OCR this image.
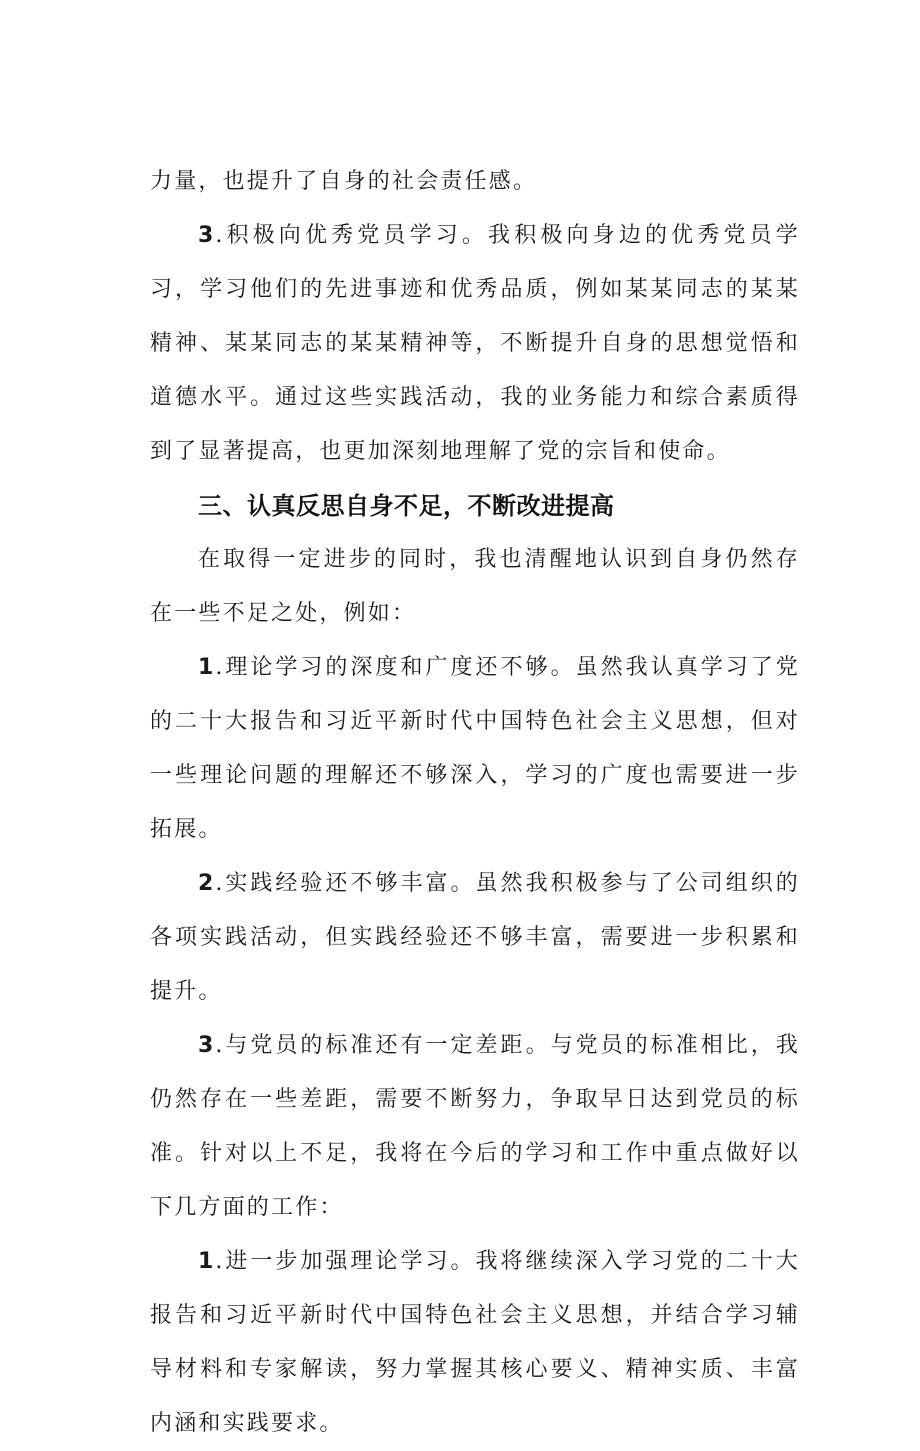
力量，也提升了自身的社会责任感。

3.积极向优秀党员学习。我积极向身边的优秀党员学习，学习他们的先进事迹和优秀品质，例如某某同志的某某精神、某某同志的某某精神等，不断提升自身的思想觉悟和道德水平。通过这些实践活动，我的业务能力和综合素质得到了显著提高，也更加深刻地理解了党的宗旨和使命。

三、认真反思自身不足，不断改进提高

在取得一定进步的同时，我也清醒地认识到自身仍然存在一些不足之处，例如：

1.理论学习的深度和广度还不够。虽然我认真学习了党的二十大报告和习近平新时代中国特色社会主义思想，但对一些理论问题的理解还不够深入，学习的广度也需要进一步拓展。

2.实践经验还不够丰富。虽然我积极参与了公司组织的各项实践活动，但实践经验还不够丰富，需要进一步积累和提升。

3.与党员的标准还有一定差距。与党员的标准相比，我仍然存在一些差距，需要不断努力，争取早日达到党员的标准。针对以上不足，我将在今后的学习和工作中重点做好以下几方面的工作：

1.进一步加强理论学习。我将继续深入学习党的二十大报告和习近平新时代中国特色社会主义思想，并结合学习辅导材料和专家解读，努力掌握其核心要义、精神实质、丰富内涵和实践要求。
